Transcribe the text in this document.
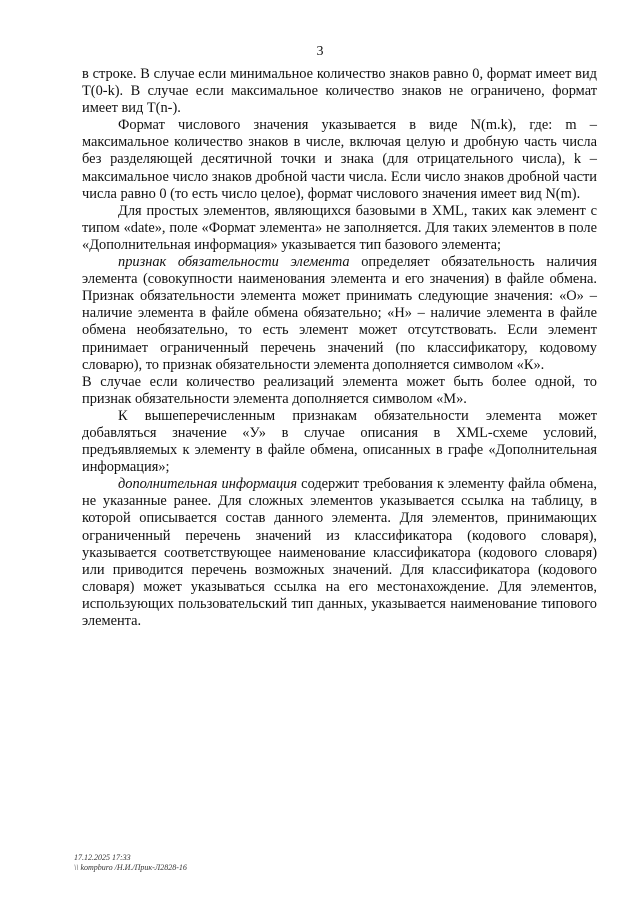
3

в строке. В случае если минимальное количество знаков равно 0, формат имеет вид T(0-k). В случае если максимальное количество знаков не ограничено, формат имеет вид T(n-).

Формат числового значения указывается в виде N(m.k), где: m – максимальное количество знаков в числе, включая целую и дробную часть числа без разделяющей десятичной точки и знака (для отрицательного числа), k – максимальное число знаков дробной части числа. Если число знаков дробной части числа равно 0 (то есть число целое), формат числового значения имеет вид N(m).

Для простых элементов, являющихся базовыми в XML, таких как элемент с типом «date», поле «Формат элемента» не заполняется. Для таких элементов в поле «Дополнительная информация» указывается тип базового элемента;

признак обязательности элемента определяет обязательность наличия элемента (совокупности наименования элемента и его значения) в файле обмена. Признак обязательности элемента может принимать следующие значения: «О» – наличие элемента в файле обмена обязательно; «Н» – наличие элемента в файле обмена необязательно, то есть элемент может отсутствовать. Если элемент принимает ограниченный перечень значений (по классификатору, кодовому словарю), то признак обязательности элемента дополняется символом «К».

В случае если количество реализаций элемента может быть более одной, то признак обязательности элемента дополняется символом «М».

К вышеперечисленным признакам обязательности элемента может добавляться значение «У» в случае описания в XML-схеме условий, предъявляемых к элементу в файле обмена, описанных в графе «Дополнительная информация»;

дополнительная информация содержит требования к элементу файла обмена, не указанные ранее. Для сложных элементов указывается ссылка на таблицу, в которой описывается состав данного элемента. Для элементов, принимающих ограниченный перечень значений из классификатора (кодового словаря), указывается соответствующее наименование классификатора (кодового словаря) или приводится перечень возможных значений. Для классификатора (кодового словаря) может указываться ссылка на его местонахождение. Для элементов, использующих пользовательский тип данных, указывается наименование типового элемента.

17.12.2025 17:33
\\ kompburo /Н.И./Прик-Л2828-16
